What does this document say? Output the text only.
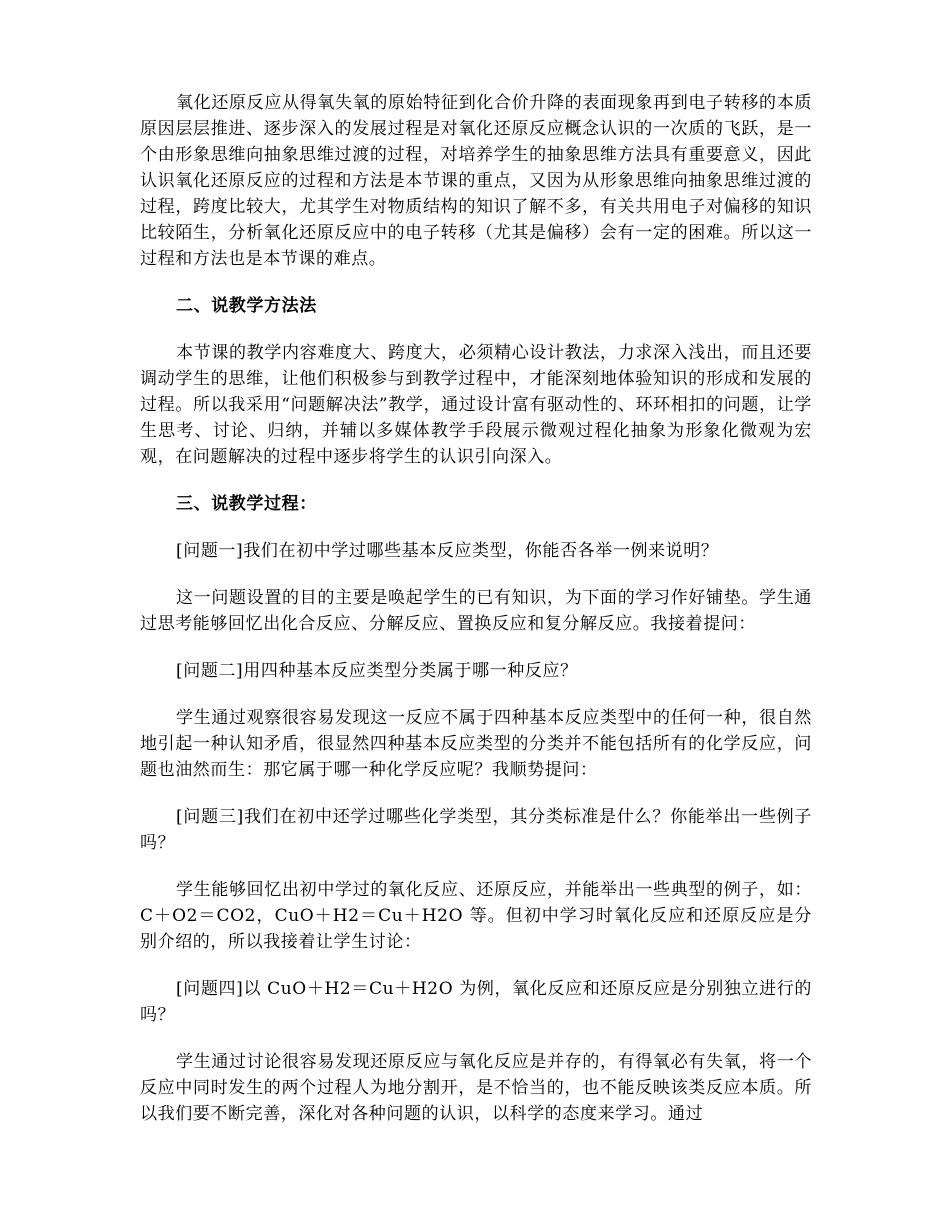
氧化还原反应从得氧失氧的原始特征到化合价升降的表面现象再到电子转移的本质原因层层推进、逐步深入的发展过程是对氧化还原反应概念认识的一次质的飞跃，是一个由形象思维向抽象思维过渡的过程，对培养学生的抽象思维方法具有重要意义，因此认识氧化还原反应的过程和方法是本节课的重点，又因为从形象思维向抽象思维过渡的过程，跨度比较大，尤其学生对物质结构的知识了解不多，有关共用电子对偏移的知识比较陌生，分析氧化还原反应中的电子转移（尤其是偏移）会有一定的困难。所以这一过程和方法也是本节课的难点。

二、说教学方法法

本节课的教学内容难度大、跨度大，必须精心设计教法，力求深入浅出，而且还要调动学生的思维，让他们积极参与到教学过程中，才能深刻地体验知识的形成和发展的过程。所以我采用“问题解决法”教学，通过设计富有驱动性的、环环相扣的问题，让学生思考、讨论、归纳，并辅以多媒体教学手段展示微观过程化抽象为形象化微观为宏观，在问题解决的过程中逐步将学生的认识引向深入。

三、说教学过程：

[问题一]我们在初中学过哪些基本反应类型，你能否各举一例来说明？

这一问题设置的目的主要是唤起学生的已有知识，为下面的学习作好铺垫。学生通过思考能够回忆出化合反应、分解反应、置换反应和复分解反应。我接着提问：

[问题二]用四种基本反应类型分类属于哪一种反应？

学生通过观察很容易发现这一反应不属于四种基本反应类型中的任何一种，很自然地引起一种认知矛盾，很显然四种基本反应类型的分类并不能包括所有的化学反应，问题也油然而生：那它属于哪一种化学反应呢？我顺势提问：

[问题三]我们在初中还学过哪些化学类型，其分类标准是什么？你能举出一些例子吗？

学生能够回忆出初中学过的氧化反应、还原反应，并能举出一些典型的例子，如：C＋O2＝CO2，CuO＋H2＝Cu＋H2O 等。但初中学习时氧化反应和还原反应是分别介绍的，所以我接着让学生讨论：

[问题四]以 CuO＋H2＝Cu＋H2O 为例，氧化反应和还原反应是分别独立进行的吗？

学生通过讨论很容易发现还原反应与氧化反应是并存的，有得氧必有失氧，将一个反应中同时发生的两个过程人为地分割开，是不恰当的，也不能反映该类反应本质。所以我们要不断完善，深化对各种问题的认识，以科学的态度来学习。通过
